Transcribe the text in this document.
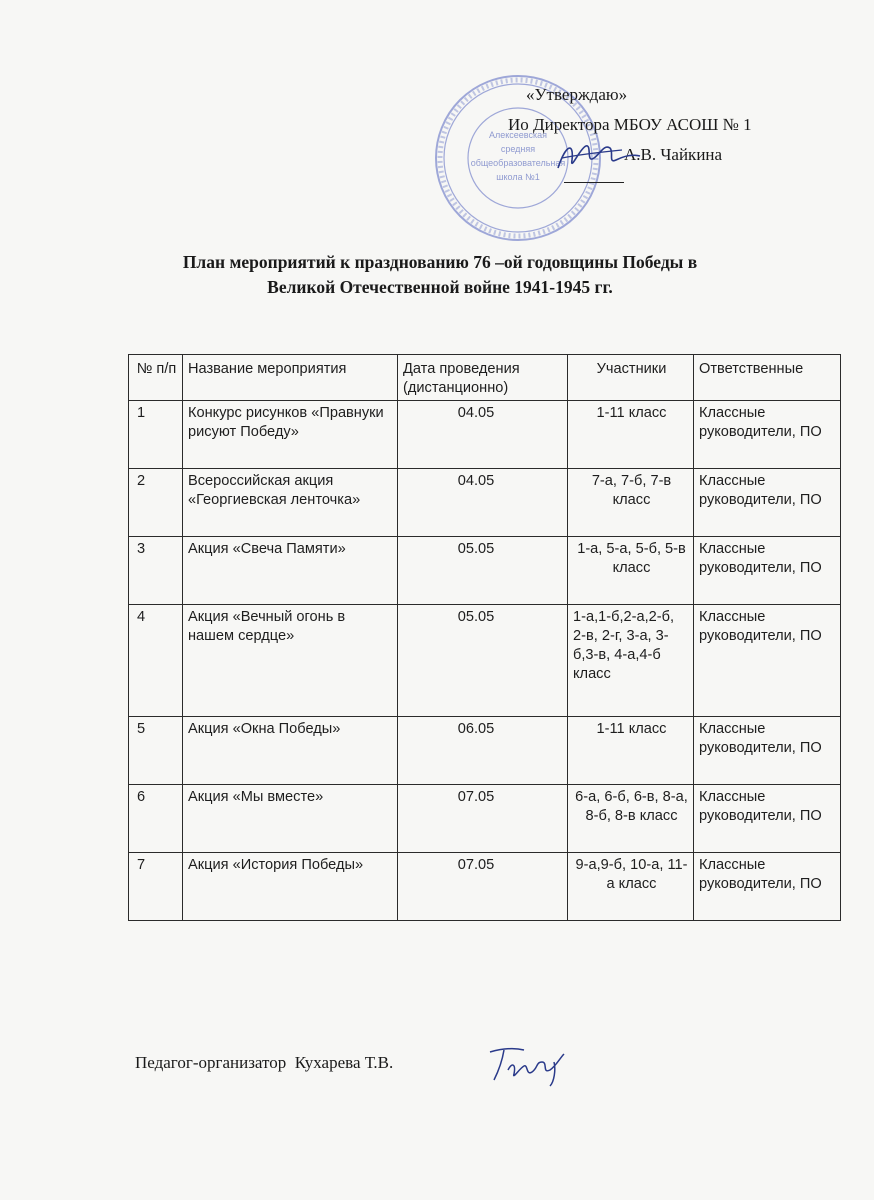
Алексеевская
средняя
общеобразовательная
школа №1
«Утверждаю»
Ио Директора МБОУ АСОШ № 1
А.В. Чайкина
План мероприятий к празднованию 76 –ой годовщины Победы в
Великой Отечественной войне 1941-1945 гг.
№ п/п	Название мероприятия	Дата проведения (дистанционно)	Участники	Ответственные
1	Конкурс рисунков «Правнуки рисуют Победу»	04.05	1-11 класс	Классные руководители, ПО
2	Всероссийская акция «Георгиевская ленточка»	04.05	7-а, 7-б, 7-в класс	Классные руководители, ПО
3	Акция «Свеча Памяти»	05.05	1-а, 5-а, 5-б, 5-в класс	Классные руководители, ПО
4	Акция «Вечный огонь в нашем сердце»	05.05	1-а,1-б,2-а,2-б, 2-в, 2-г, 3-а, 3-б,3-в, 4-а,4-б класс	Классные руководители, ПО
5	Акция «Окна Победы»	06.05	1-11 класс	Классные руководители, ПО
6	Акция «Мы вместе»	07.05	6-а, 6-б, 6-в, 8-а, 8-б, 8-в класс	Классные руководители, ПО
7	Акция «История Победы»	07.05	9-а,9-б, 10-а, 11-а класс	Классные руководители, ПО
Педагог-организатор Кухарева Т.В.
